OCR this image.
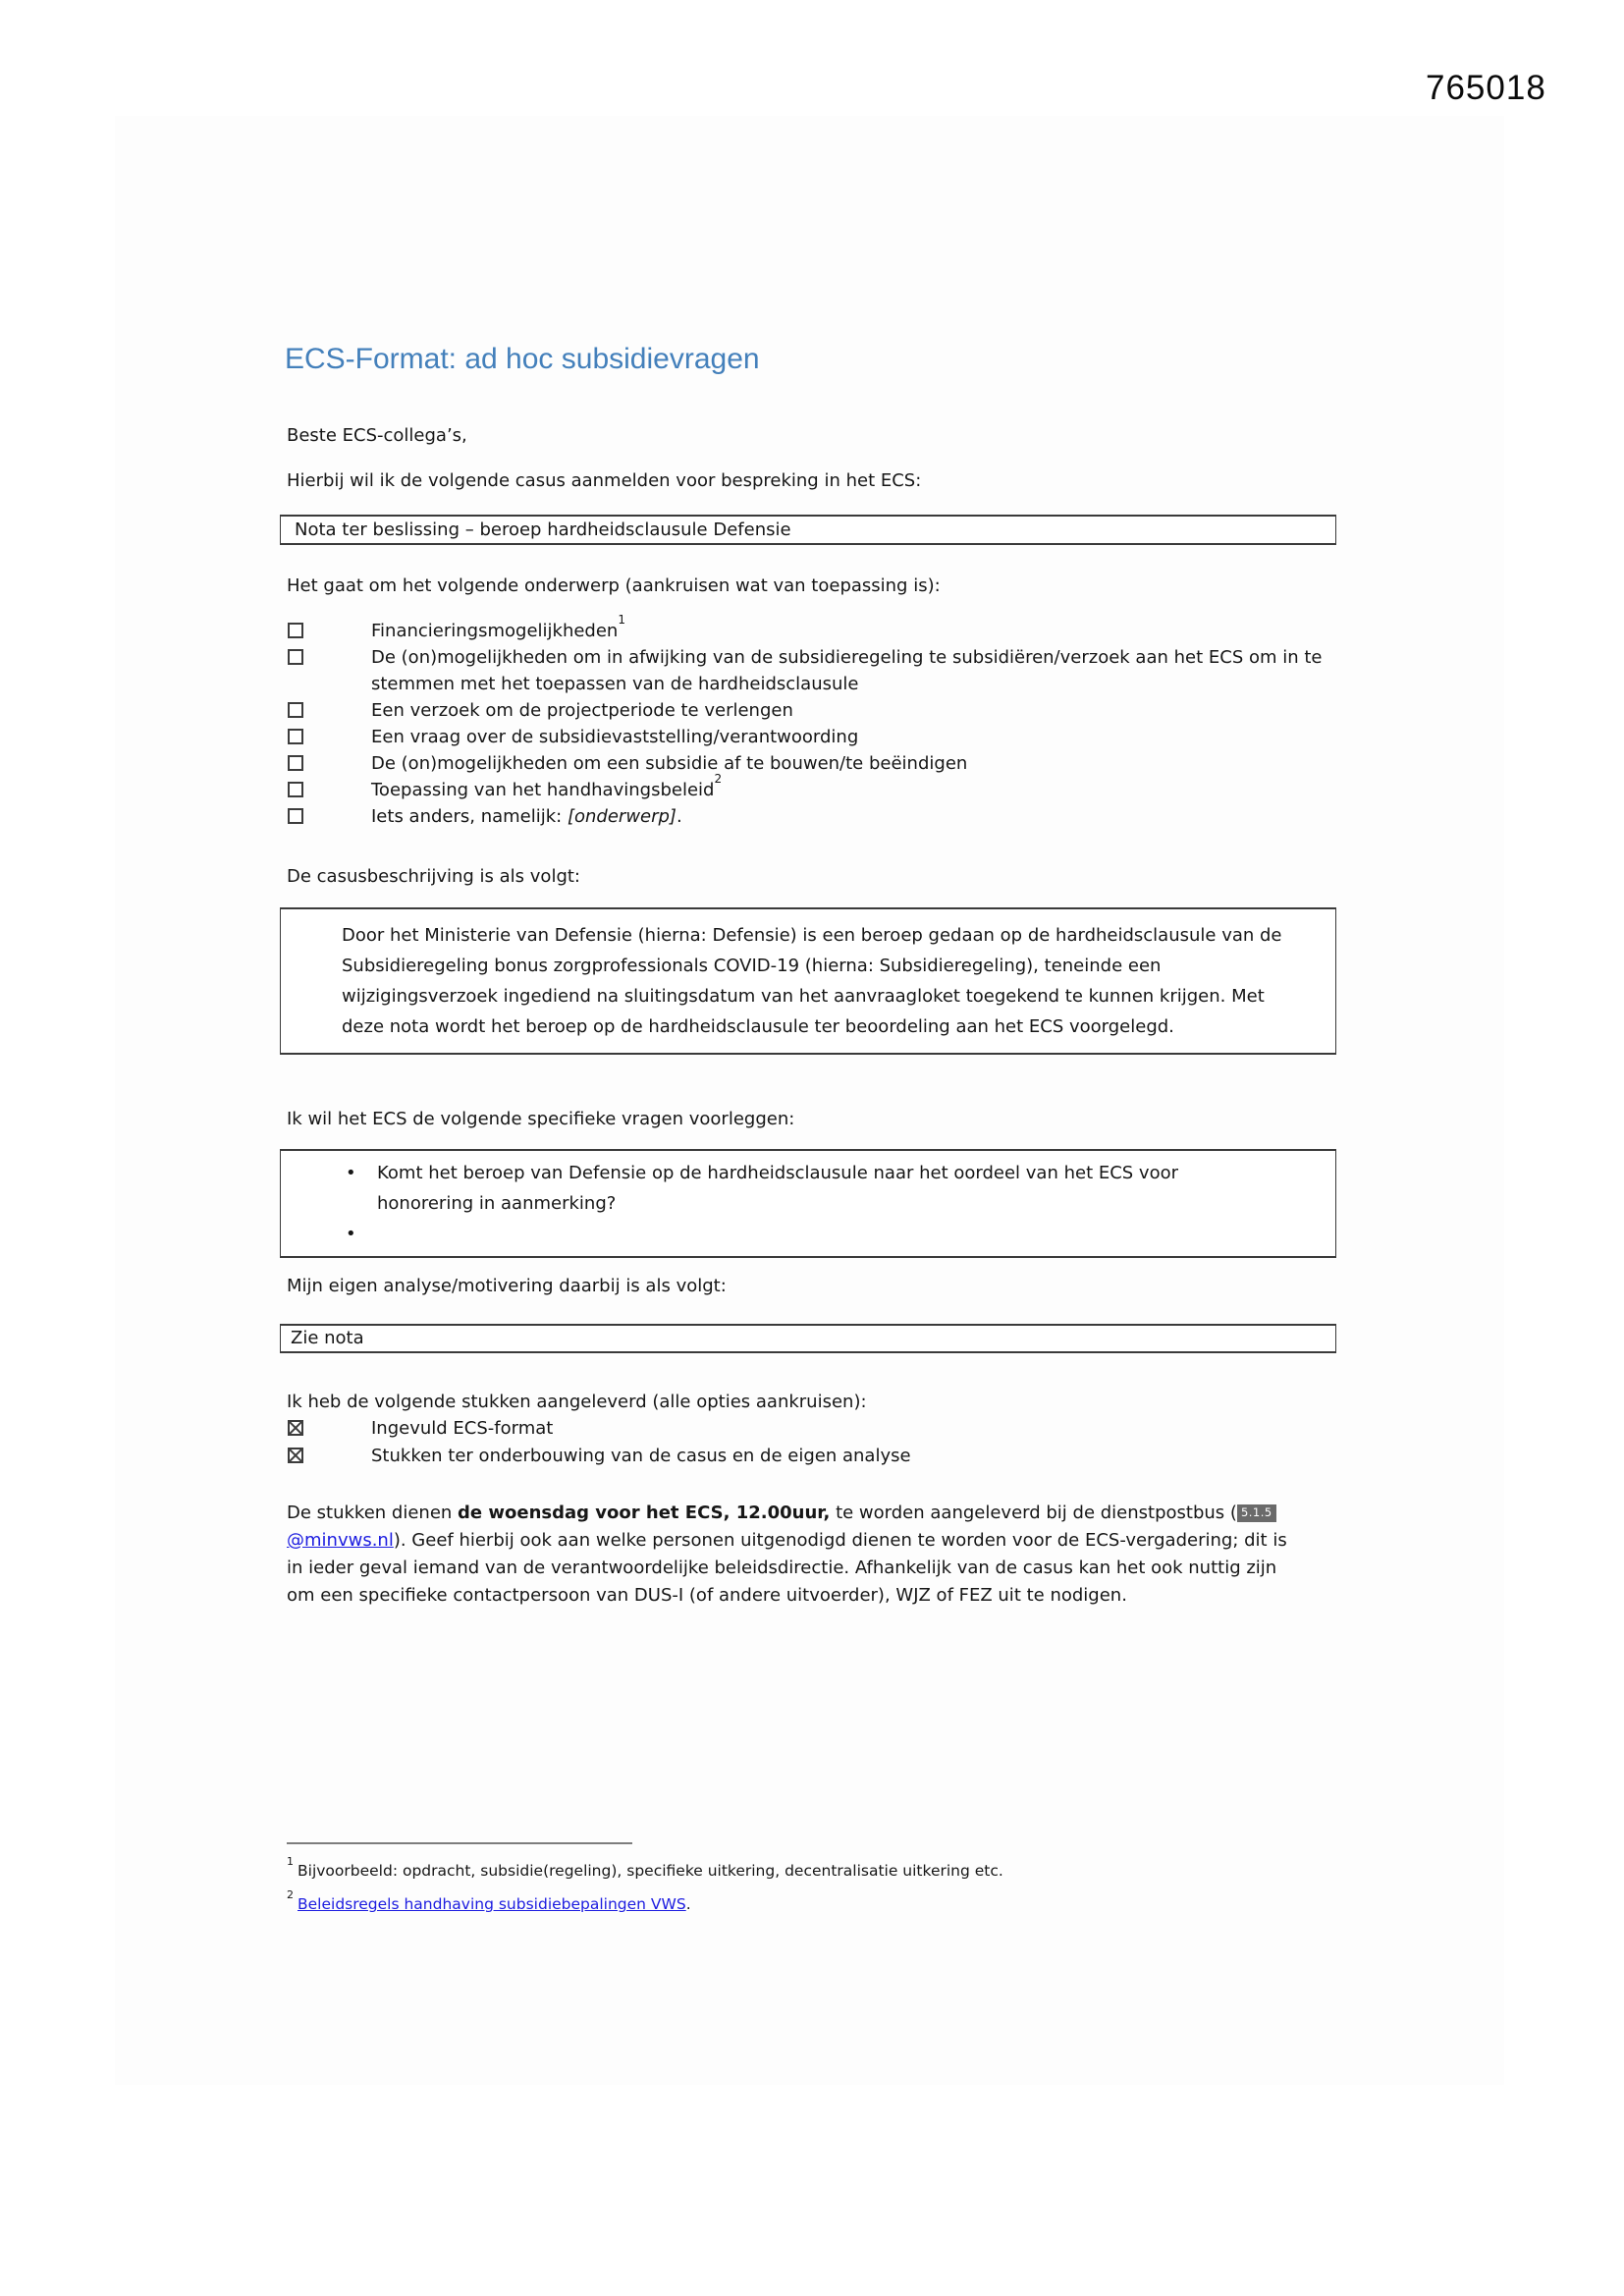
765018
ECS-Format: ad hoc subsidievragen

Beste ECS-collega’s,

Hierbij wil ik de volgende casus aanmelden voor bespreking in het ECS:

Nota ter beslissing – beroep hardheidsclausule Defensie

Het gaat om het volgende onderwerp (aankruisen wat van toepassing is):

Financieringsmogelijkheden$^1$
De (on)mogelijkheden om in afwijking van de subsidieregeling te subsidiëren/verzoek aan het ECS om in te stemmen met het toepassen van de hardheidsclausule
Een verzoek om de projectperiode te verlengen
Een vraag over de subsidievaststelling/verantwoording
De (on)mogelijkheden om een subsidie af te bouwen/te beëindigen
Toepassing van het handhavingsbeleid$^2$
Iets anders, namelijk: [onderwerp].

De casusbeschrijving is als volgt:

Door het Ministerie van Defensie (hierna: Defensie) is een beroep gedaan op de hardheidsclausule van de Subsidieregeling bonus zorgprofessionals COVID-19 (hierna: Subsidieregeling), teneinde een wijzigingsverzoek ingediend na sluitingsdatum van het aanvraagloket toegekend te kunnen krijgen. Met deze nota wordt het beroep op de hardheidsclausule ter beoordeling aan het ECS voorgelegd.

Ik wil het ECS de volgende specifieke vragen voorleggen:

• Komt het beroep van Defensie op de hardheidsclausule naar het oordeel van het ECS voor honorering in aanmerking?
•

Mijn eigen analyse/motivering daarbij is als volgt:

Zie nota

Ik heb de volgende stukken aangeleverd (alle opties aankruisen):

Ingevuld ECS-format
Stukken ter onderbouwing van de casus en de eigen analyse

De stukken dienen de woensdag voor het ECS, 12.00uur, te worden aangeleverd bij de dienstpostbus ( 5.1.5@minvws.nl). Geef hierbij ook aan welke personen uitgenodigd dienen te worden voor de ECS-vergadering; dit is in ieder geval iemand van de verantwoordelijke beleidsdirectie. Afhankelijk van de casus kan het ook nuttig zijn om een specifieke contactpersoon van DUS-I (of andere uitvoerder), WJZ of FEZ uit te nodigen.

$^1$Bijvoorbeeld: opdracht, subsidie(regeling), specifieke uitkering, decentralisatie uitkering etc.
$^2$Beleidsregels handhaving subsidiebepalingen VWS.
